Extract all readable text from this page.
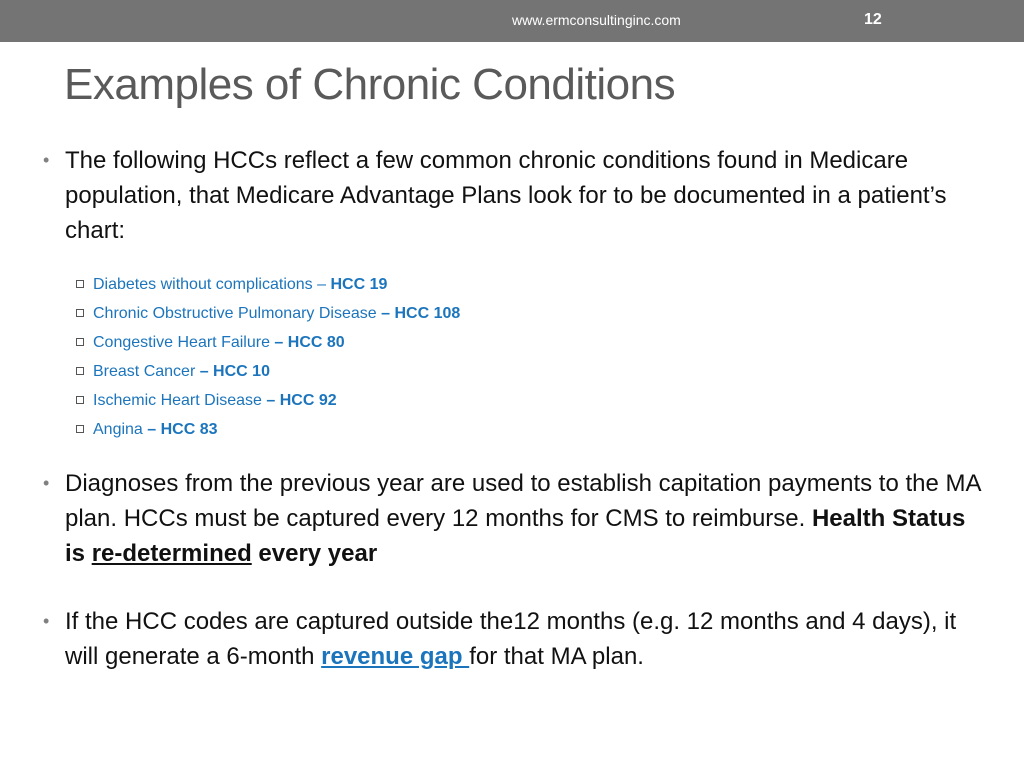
www.ermconsultinginc.com	12
Examples of Chronic Conditions
• The following HCCs reflect a few common chronic conditions found in Medicare population, that Medicare Advantage Plans look for to be documented in a patient’s chart:
Diabetes without complications – HCC 19
Chronic Obstructive Pulmonary Disease – HCC 108
Congestive Heart Failure – HCC 80
Breast Cancer – HCC 10
Ischemic Heart Disease – HCC 92
Angina – HCC 83
• Diagnoses from the previous year are used to establish capitation payments to the MA plan. HCCs must be captured every 12 months for CMS to reimburse. Health Status is re-determined every year
• If the HCC codes are captured outside the12 months (e.g. 12 months and 4 days), it will generate a 6-month revenue gap for that MA plan.
